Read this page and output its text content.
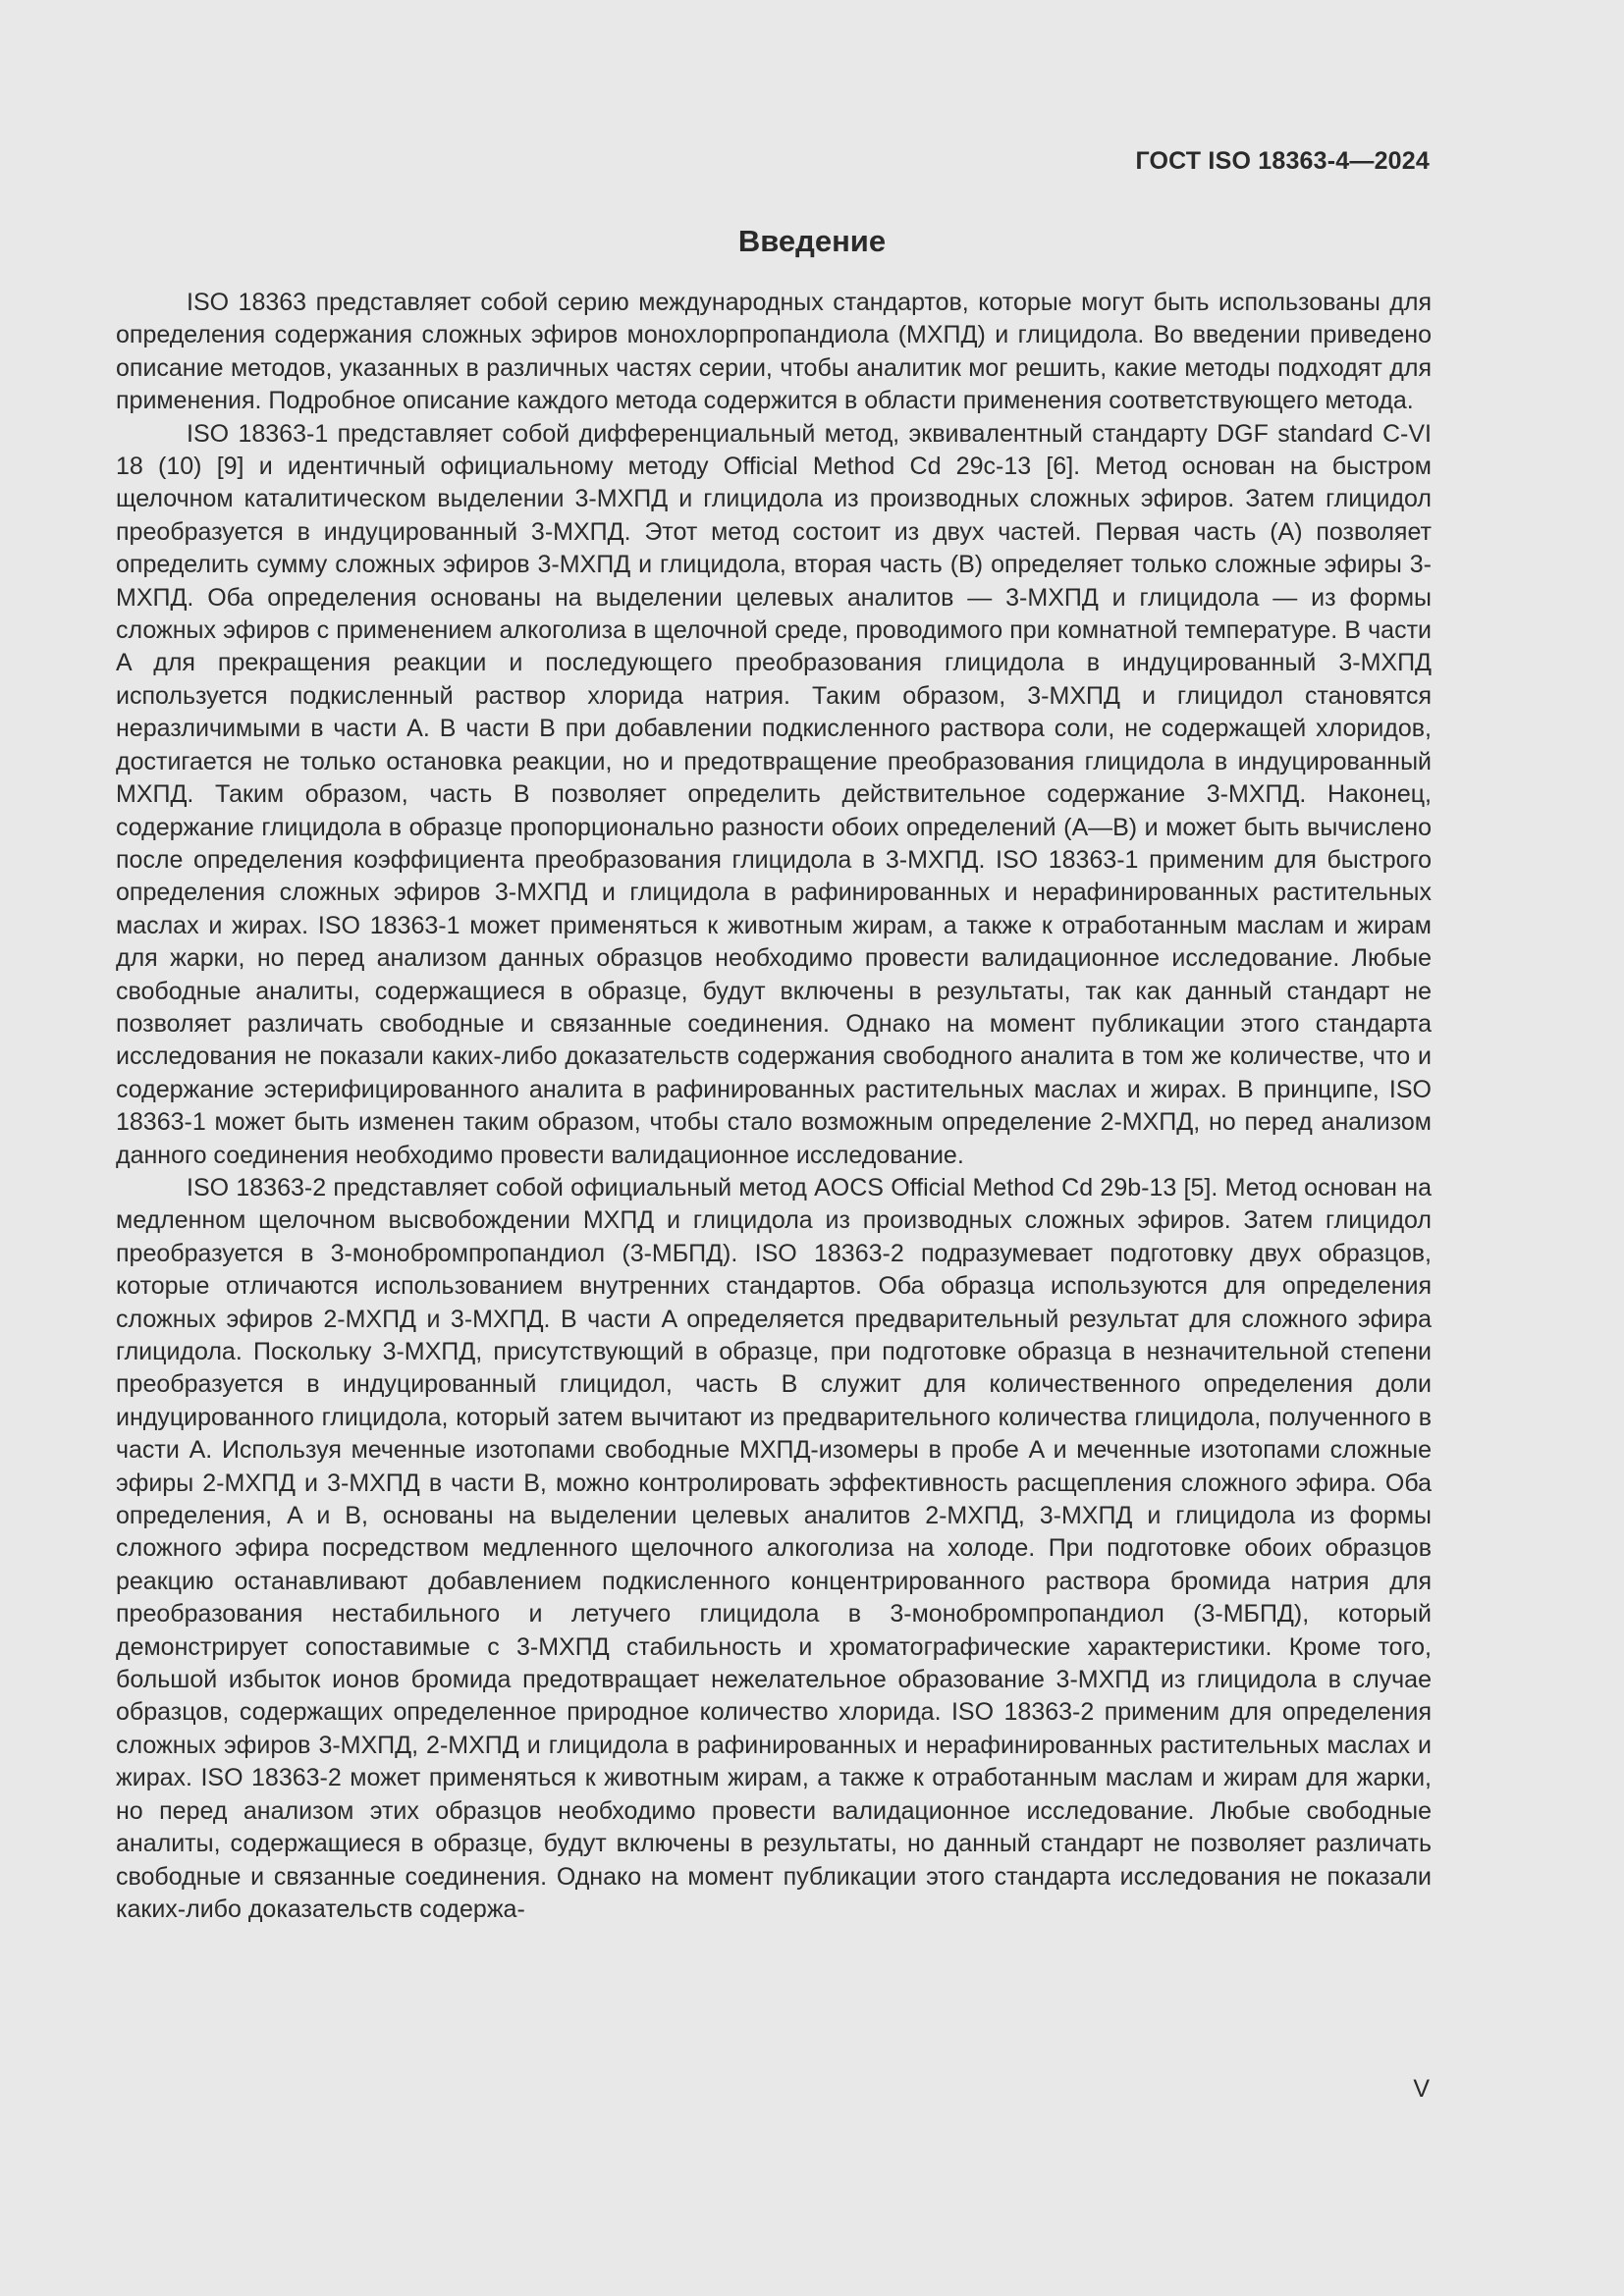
ГОСТ ISO 18363-4—2024
Введение

ISO 18363 представляет собой серию международных стандартов, которые могут быть использованы для определения содержания сложных эфиров монохлорпропандиола (МХПД) и глицидола. Во введении приведено описание методов, указанных в различных частях серии, чтобы аналитик мог решить, какие методы подходят для применения. Подробное описание каждого метода содержится в области применения соответствующего метода.

ISO 18363-1 представляет собой дифференциальный метод, эквивалентный стандарту DGF standard C-VI 18 (10) [9] и идентичный официальному методу Official Method Cd 29c-13 [6]. Метод основан на быстром щелочном каталитическом выделении 3-МХПД и глицидола из производных сложных эфиров. Затем глицидол преобразуется в индуцированный 3-МХПД. Этот метод состоит из двух частей. Первая часть (A) позволяет определить сумму сложных эфиров 3-МХПД и глицидола, вторая часть (B) определяет только сложные эфиры 3-МХПД. Оба определения основаны на выделении целевых аналитов — 3-МХПД и глицидола — из формы сложных эфиров с применением алкоголиза в щелочной среде, проводимого при комнатной температуре. В части A для прекращения реакции и последующего преобразования глицидола в индуцированный 3-МХПД используется подкисленный раствор хлорида натрия. Таким образом, 3-МХПД и глицидол становятся неразличимыми в части A. В части B при добавлении подкисленного раствора соли, не содержащей хлоридов, достигается не только остановка реакции, но и предотвращение преобразования глицидола в индуцированный МХПД. Таким образом, часть B позволяет определить действительное содержание 3-МХПД. Наконец, содержание глицидола в образце пропорционально разности обоих определений (A—B) и может быть вычислено после определения коэффициента преобразования глицидола в 3-МХПД. ISO 18363-1 применим для быстрого определения сложных эфиров 3-МХПД и глицидола в рафинированных и нерафинированных растительных маслах и жирах. ISO 18363-1 может применяться к животным жирам, а также к отработанным маслам и жирам для жарки, но перед анализом данных образцов необходимо провести валидационное исследование. Любые свободные аналиты, содержащиеся в образце, будут включены в результаты, так как данный стандарт не позволяет различать свободные и связанные соединения. Однако на момент публикации этого стандарта исследования не показали каких-либо доказательств содержания свободного аналита в том же количестве, что и содержание эстерифицированного аналита в рафинированных растительных маслах и жирах. В принципе, ISO 18363-1 может быть изменен таким образом, чтобы стало возможным определение 2-МХПД, но перед анализом данного соединения необходимо провести валидационное исследование.

ISO 18363-2 представляет собой официальный метод AOCS Official Method Cd 29b-13 [5]. Метод основан на медленном щелочном высвобождении МХПД и глицидола из производных сложных эфиров. Затем глицидол преобразуется в 3-монобромпропандиол (3-МБПД). ISO 18363-2 подразумевает подготовку двух образцов, которые отличаются использованием внутренних стандартов. Оба образца используются для определения сложных эфиров 2-МХПД и 3-МХПД. В части A определяется предварительный результат для сложного эфира глицидола. Поскольку 3-МХПД, присутствующий в образце, при подготовке образца в незначительной степени преобразуется в индуцированный глицидол, часть B служит для количественного определения доли индуцированного глицидола, который затем вычитают из предварительного количества глицидола, полученного в части A. Используя меченные изотопами свободные МХПД-изомеры в пробе A и меченные изотопами сложные эфиры 2-МХПД и 3-МХПД в части B, можно контролировать эффективность расщепления сложного эфира. Оба определения, A и B, основаны на выделении целевых аналитов 2-МХПД, 3-МХПД и глицидола из формы сложного эфира посредством медленного щелочного алкоголиза на холоде. При подготовке обоих образцов реакцию останавливают добавлением подкисленного концентрированного раствора бромида натрия для преобразования нестабильного и летучего глицидола в 3-монобромпропандиол (3-МБПД), который демонстрирует сопоставимые с 3-МХПД стабильность и хроматографические характеристики. Кроме того, большой избыток ионов бромида предотвращает нежелательное образование 3-МХПД из глицидола в случае образцов, содержащих определенное природное количество хлорида. ISO 18363-2 применим для определения сложных эфиров 3-МХПД, 2-МХПД и глицидола в рафинированных и нерафинированных растительных маслах и жирах. ISO 18363-2 может применяться к животным жирам, а также к отработанным маслам и жирам для жарки, но перед анализом этих образцов необходимо провести валидационное исследование. Любые свободные аналиты, содержащиеся в образце, будут включены в результаты, но данный стандарт не позволяет различать свободные и связанные соединения. Однако на момент публикации этого стандарта исследования не показали каких-либо доказательств содержа-

V
